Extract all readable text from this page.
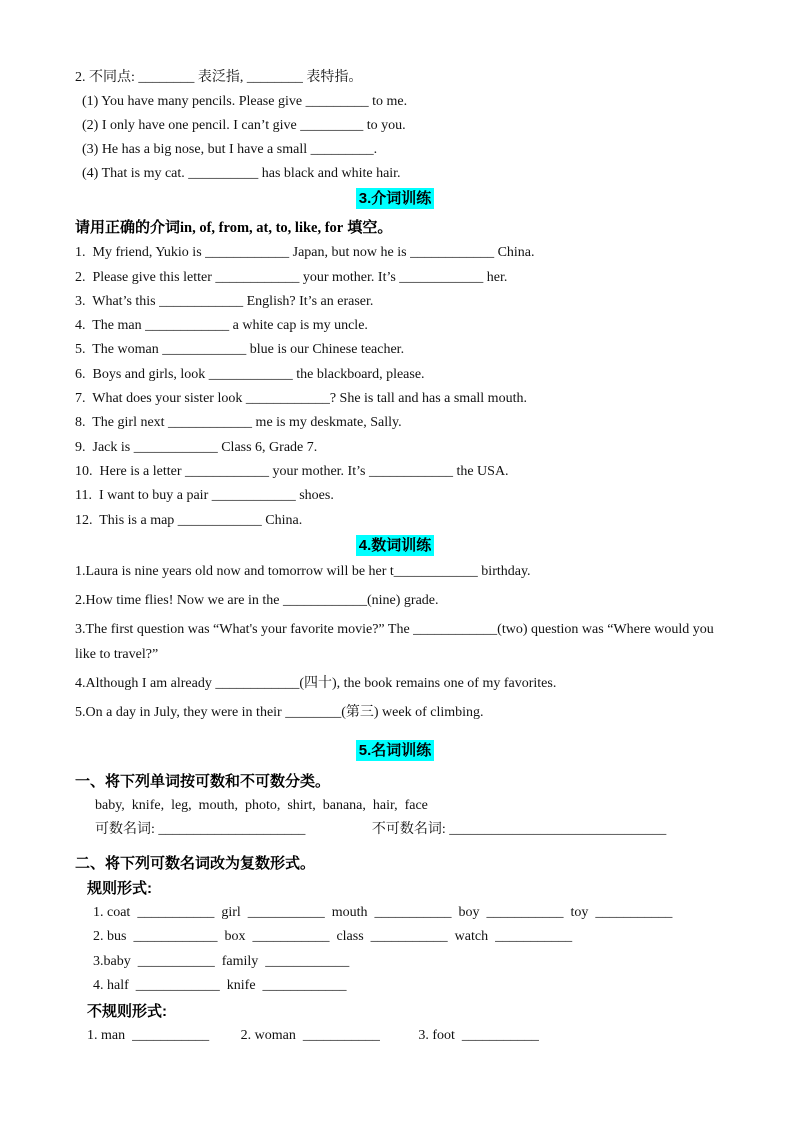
2. 不同点: ________ 表泛指, ________ 表特指。

(1) You have many pencils. Please give _________ to me.

(2) I only have one pencil. I can’t give _________ to you.

(3) He has a big nose, but I have a small _________.

(4) That is my cat. __________ has black and white hair.

3.介词训练

请用正确的介词in, of, from, at, to, like, for 填空。

1.  My friend, Yukio is ____________ Japan, but now he is ____________ China.

2.  Please give this letter ____________ your mother. It’s ____________ her.

3.  What’s this ____________ English? It’s an eraser.

4.  The man ____________ a white cap is my uncle.

5.  The woman ____________ blue is our Chinese teacher.

6.  Boys and girls, look ____________ the blackboard, please.

7.  What does your sister look ____________? She is tall and has a small mouth.

8.  The girl next ____________ me is my deskmate, Sally.

9.  Jack is ____________ Class 6, Grade 7.

10.  Here is a letter ____________ your mother. It’s ____________ the USA.

11.  I want to buy a pair ____________ shoes.

12.  This is a map ____________ China.

4.数词训练

1.Laura is nine years old now and tomorrow will be her t____________ birthday.

2.How time flies! Now we are in the ____________(nine) grade.

3.The first question was “What's your favorite movie?” The ____________(two) question was “Where would you like to travel?”

4.Although I am already ____________(四十), the book remains one of my favorites.

5.On a day in July, they were in their ________(第三) week of climbing.

5.名词训练

一、将下列单词按可数和不可数分类。

baby,  knife,  leg,  mouth,  photo,  shirt,  banana,  hair,  face

可数名词: _____________________                   不可数名词: _______________________________

二、将下列可数名词改为复数形式。

规则形式:

1. coat  ___________  girl  ___________  mouth  ___________  boy  ___________  toy  ___________

2. bus  ____________  box  ___________  class  ___________  watch  ___________

3.baby  ___________  family  ____________

4. half  ____________  knife  ____________

不规则形式:

1. man  ___________         2. woman  ___________           3. foot  ___________
